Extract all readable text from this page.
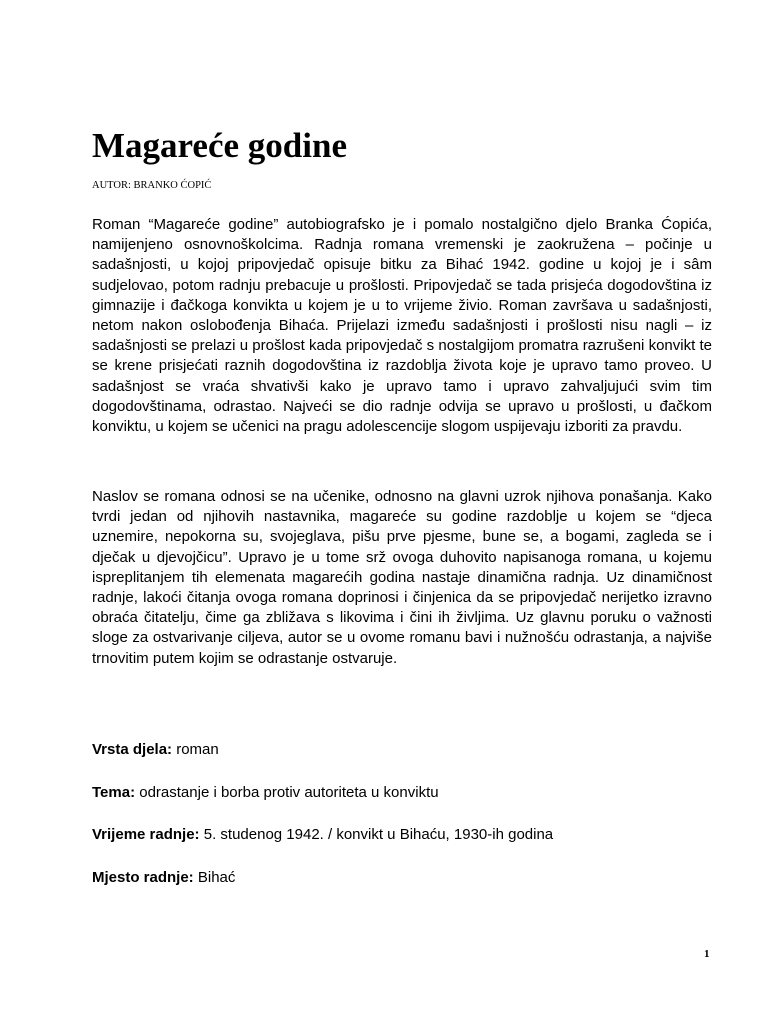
Magareće godine

AUTOR: BRANKO ĆOPIĆ

Roman “Magareće godine” autobiografsko je i pomalo nostalgično djelo Branka Ćopića, namijenjeno osnovnoškolcima. Radnja romana vremenski je zaokružena – počinje u sadašnjosti, u kojoj pripovjedač opisuje bitku za Bihać 1942. godine u kojoj je i sâm sudjelovao, potom radnju prebacuje u prošlosti. Pripovjedač se tada prisjeća dogodovština iz gimnazije i đačkoga konvikta u kojem je u to vrijeme živio. Roman završava u sadašnjosti, netom nakon oslobođenja Bihaća. Prijelazi između sadašnjosti i prošlosti nisu nagli – iz sadašnjosti se prelazi u prošlost kada pripovjedač s nostalgijom promatra razrušeni konvikt te se krene prisjećati raznih dogodovština iz razdoblja života koje je upravo tamo proveo. U sadašnjost se vraća shvativši kako je upravo tamo i upravo zahvaljujući svim tim dogodovštinama, odrastao. Najveći se dio radnje odvija se upravo u prošlosti, u đačkom konviktu, u kojem se učenici na pragu adolescencije slogom uspijevaju izboriti za pravdu.

Naslov se romana odnosi se na učenike, odnosno na glavni uzrok njihova ponašanja. Kako tvrdi jedan od njihovih nastavnika, magareće su godine razdoblje u kojem se “djeca uznemire, nepokorna su, svojeglava, pišu prve pjesme, bune se, a bogami, zagleda se i dječak u djevojčicu”. Upravo je u tome srž ovoga duhovito napisanoga romana, u kojemu ispreplitanjem tih elemenata magarećih godina nastaje dinamična radnja. Uz dinamičnost radnje, lakoći čitanja ovoga romana doprinosi i činjenica da se pripovjedač nerijetko izravno obraća čitatelju, čime ga zbližava s likovima i čini ih življima. Uz glavnu poruku o važnosti sloge za ostvarivanje ciljeva, autor se u ovome romanu bavi i nužnošću odrastanja, a najviše trnovitim putem kojim se odrastanje ostvaruje.

Vrsta djela: roman

Tema: odrastanje i borba protiv autoriteta u konviktu

Vrijeme radnje: 5. studenog 1942. / konvikt u Bihaću, 1930-ih godina

Mjesto radnje: Bihać

1
